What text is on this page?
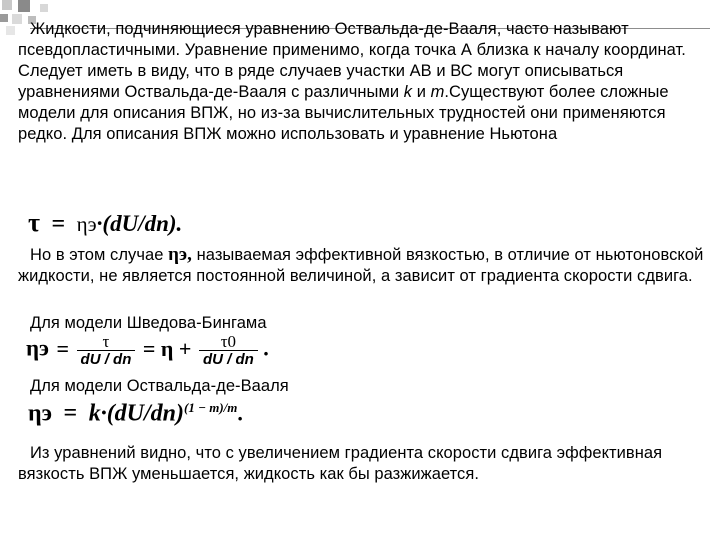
Жидкости, подчиняющиеся уравнению Оствальда-де-Вааля, часто называют псевдопластичными. Уравнение применимо, когда точка А близка к началу координат. Следует иметь в виду, что в ряде случаев участки АВ и ВС могут описываться уравнениями Оствальда-де-Вааля с различными k и m.Существуют более сложные модели для описания ВПЖ, но из-за вычислительных трудностей они применяются редко. Для описания ВПЖ можно использовать и уравнение Ньютона
τ = ηэ·(dU/dn).
Но в этом случае ηэ, называемая эффективной вязкостью, в отличие от ньютоновской жидкости, не является постоянной величиной, а зависит от градиента скорости сдвига.
Для модели Шведова-Бингама
$\eta э = \frac{\tau}{dU / dn} = \eta + \frac{\tau 0}{dU / dn}$ .
Для модели Оствальда-де-Вааля
$\eta э = k\cdot(dU/dn)^{(1 - m)/m}$.
Из уравнений видно, что с увеличением градиента скорости сдвига эффективная вязкость ВПЖ уменьшается, жидкость как бы разжижается.
